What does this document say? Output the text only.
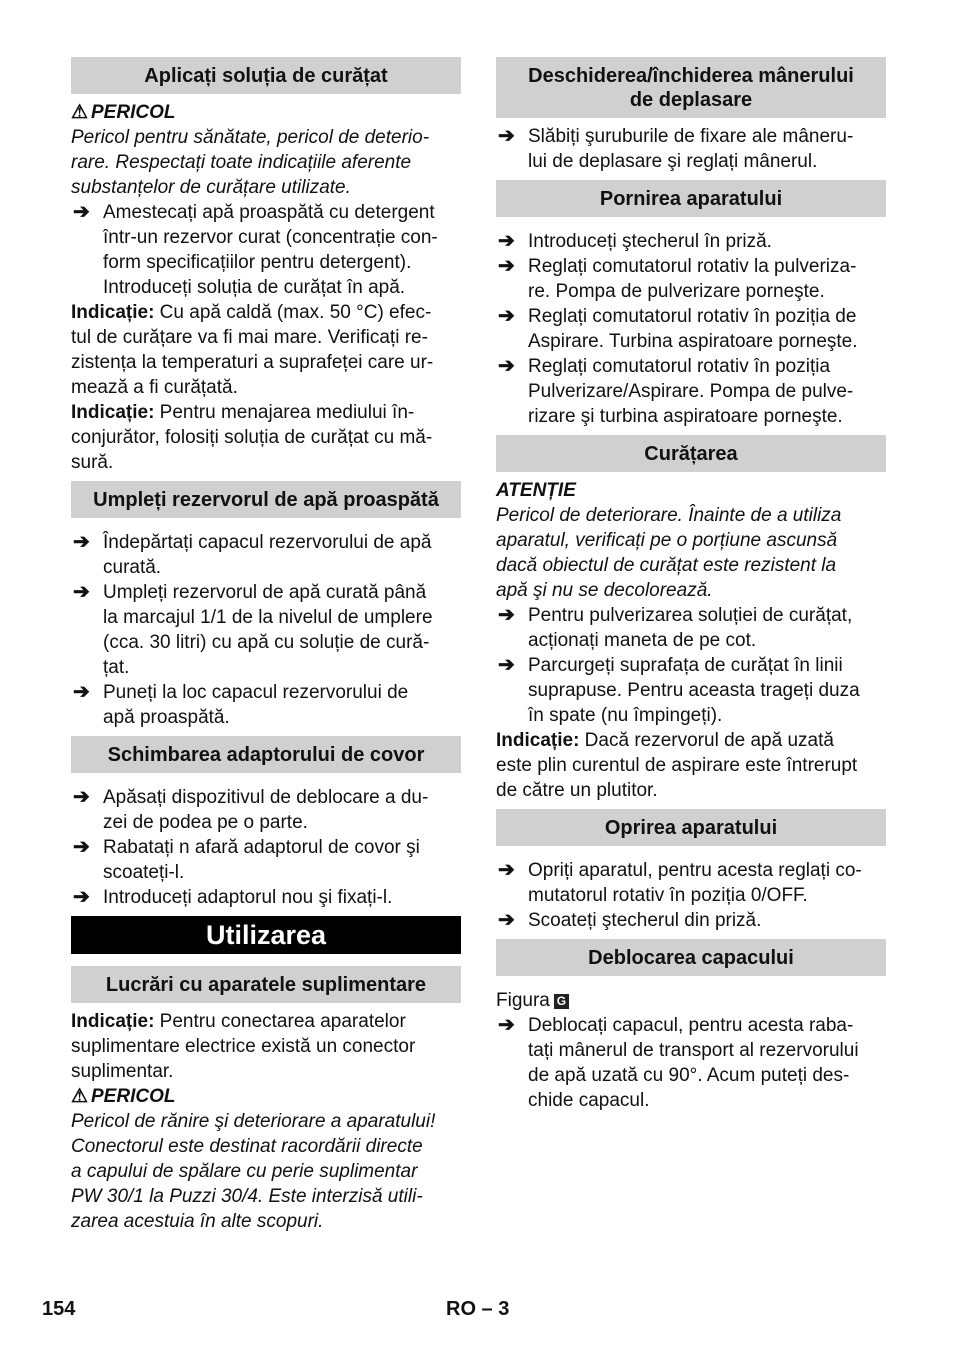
Aplicați soluția de curățat
⚠ PERICOL
Pericol pentru sănătate, pericol de deterio-
rare. Respectați toate indicațiile aferente
substanțelor de curățare utilizate.
➔ Amestecați apă proaspătă cu detergent
într-un rezervor curat (concentrație con-
form specificațiilor pentru detergent).
Introduceți soluția de curățat în apă.
Indicație: Cu apă caldă (max. 50 °C) efec-
tul de curățare va fi mai mare. Verificați re-
zistența la temperaturi a suprafeței care ur-
mează a fi curățată.
Indicație: Pentru menajarea mediului în-
conjurător, folosiți soluția de curățat cu mă-
sură.
Umpleți rezervorul de apă proaspătă
➔ Îndepărtați capacul rezervorului de apă
curată.
➔ Umpleți rezervorul de apă curată până
la marcajul 1/1 de la nivelul de umplere
(cca. 30 litri) cu apă cu soluție de cură-
țat.
➔ Puneți la loc capacul rezervorului de
apă proaspătă.
Schimbarea adaptorului de covor
➔ Apăsați dispozitivul de deblocare a du-
zei de podea pe o parte.
➔ Rabatați n afară adaptorul de covor şi
scoateți-l.
➔ Introduceți adaptorul nou şi fixați-l.
Utilizarea
Lucrări cu aparatele suplimentare
Indicație: Pentru conectarea aparatelor
suplimentare electrice există un conector
suplimentar.
⚠ PERICOL
Pericol de rănire şi deteriorare a aparatului!
Conectorul este destinat racordării directe
a capului de spălare cu perie suplimentar
PW 30/1 la Puzzi 30/4. Este interzisă utili-
zarea acestuia în alte scopuri.
Deschiderea/închiderea mânerului
de deplasare
➔ Slăbiți şuruburile de fixare ale mâneru-
lui de deplasare şi reglați mânerul.
Pornirea aparatului
➔ Introduceți ştecherul în priză.
➔ Reglați comutatorul rotativ la pulveriza-
re. Pompa de pulverizare porneşte.
➔ Reglați comutatorul rotativ în poziția de
Aspirare. Turbina aspiratoare porneşte.
➔ Reglați comutatorul rotativ în poziția
Pulverizare/Aspirare. Pompa de pulve-
rizare şi turbina aspiratoare porneşte.
Curățarea
ATENȚIE
Pericol de deteriorare. Înainte de a utiliza
aparatul, verificați pe o porțiune ascunsă
dacă obiectul de curățat este rezistent la
apă şi nu se decolorează.
➔ Pentru pulverizarea soluției de curățat,
acționați maneta de pe cot.
➔ Parcurgeți suprafața de curățat în linii
suprapuse. Pentru aceasta trageți duza
în spate (nu împingeți).
Indicație: Dacă rezervorul de apă uzată
este plin curentul de aspirare este întrerupt
de către un plutitor.
Oprirea aparatului
➔ Opriți aparatul, pentru acesta reglați co-
mutatorul rotativ în poziția 0/OFF.
➔ Scoateți ştecherul din priză.
Deblocarea capacului
Figura G
➔ Deblocați capacul, pentru acesta raba-
tați mânerul de transport al rezervorului
de apă uzată cu 90°. Acum puteți des-
chide capacul.
154	RO – 3
